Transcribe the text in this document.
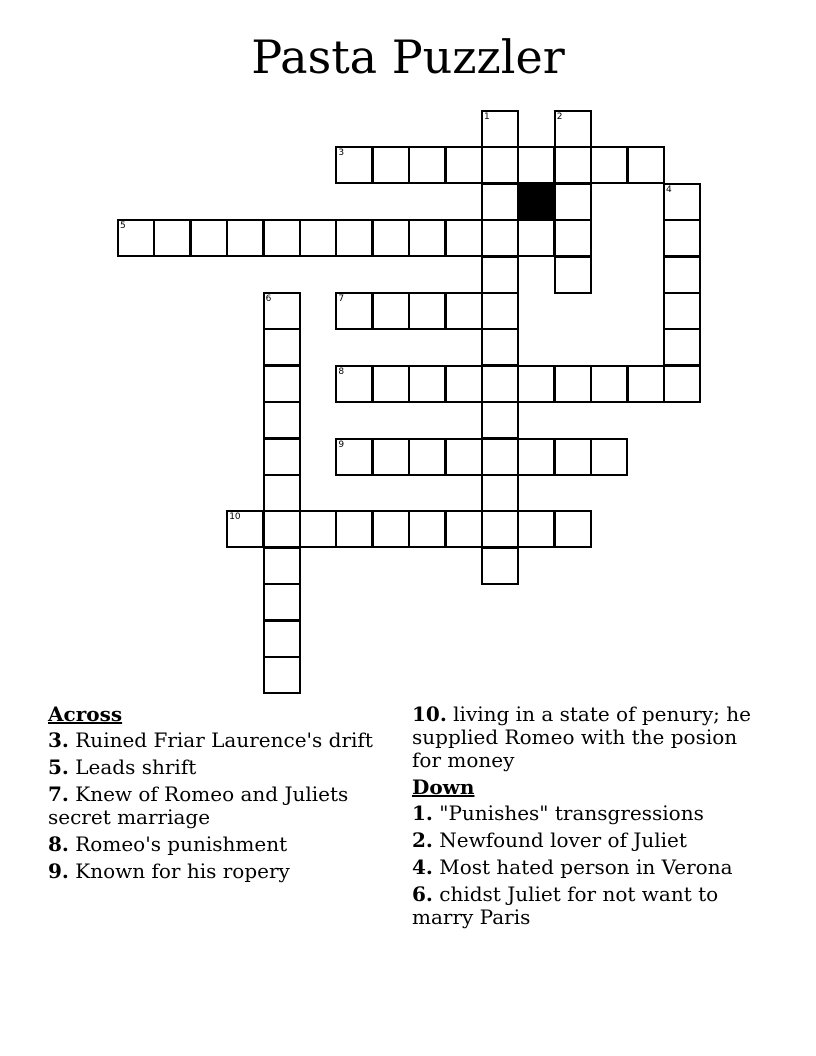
Pasta Puzzler
1	2
3
4
5
6	7
8
9
10
Across
3. Ruined Friar Laurence's drift
5. Leads shrift
7. Knew of Romeo and Juliets secret marriage
8. Romeo's punishment
9. Known for his ropery
10. living in a state of penury; he supplied Romeo with the posion for money
Down
1. "Punishes" transgressions
2. Newfound lover of Juliet
4. Most hated person in Verona
6. chidst Juliet for not want to marry Paris
